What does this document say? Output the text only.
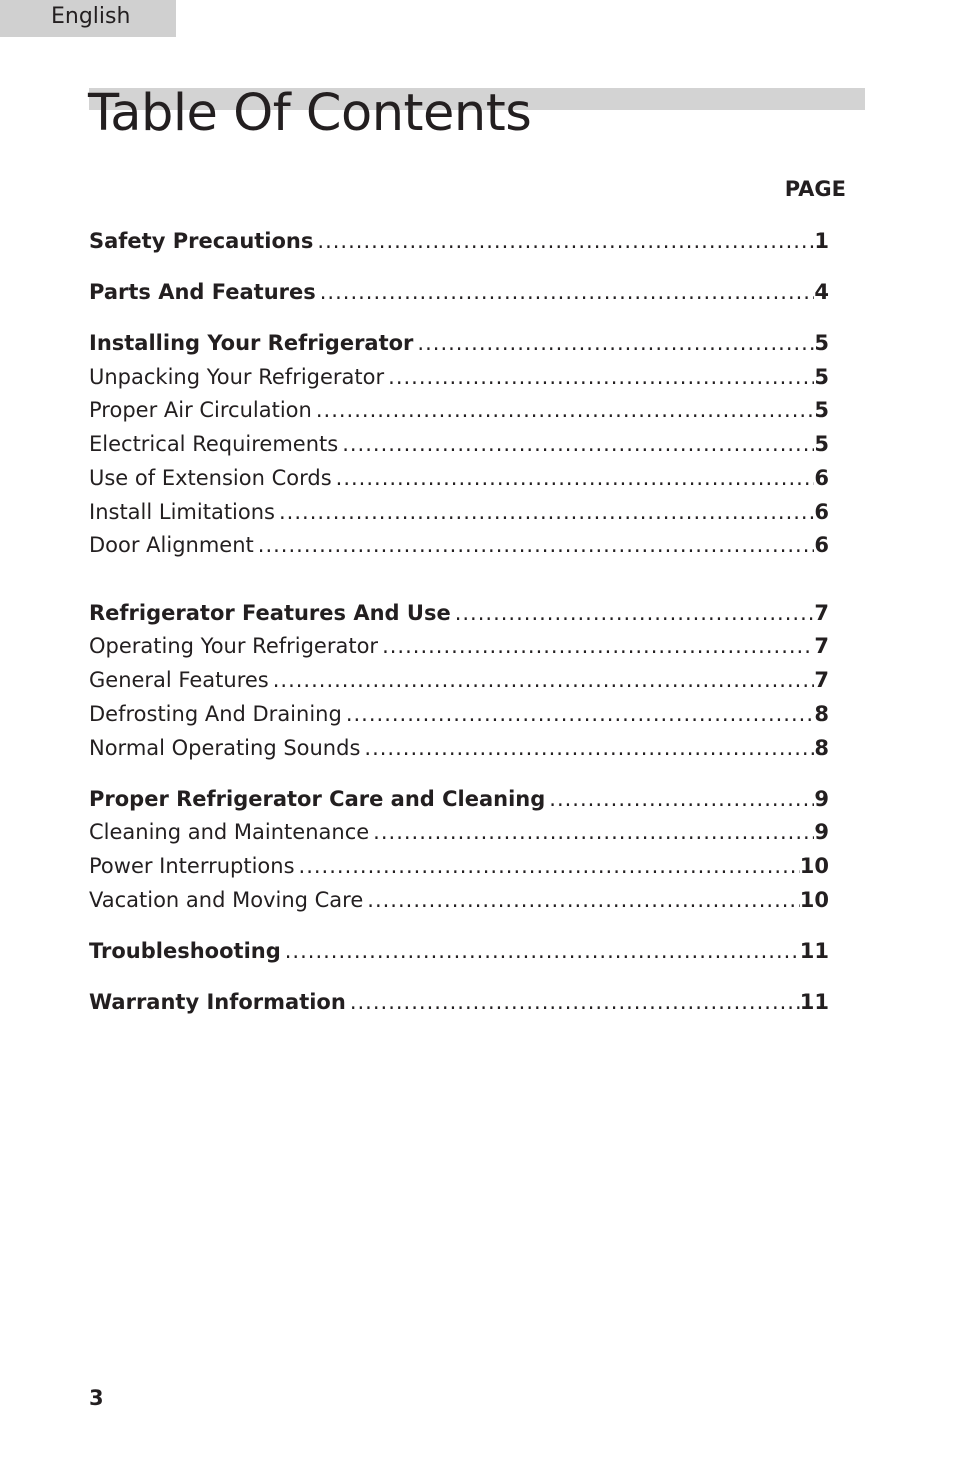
English
Table Of Contents
PAGE
Safety Precautions .....	1
Parts And Features .....	4
Installing Your Refrigerator .....	5
Unpacking Your Refrigerator .....	5
Proper Air Circulation .....	5
Electrical Requirements .....	5
Use of Extension Cords .....	6
Install Limitations .....	6
Door Alignment .....	6
Refrigerator Features And Use .....	7
Operating Your Refrigerator .....	7
General Features .....	7
Defrosting And Draining .....	8
Normal Operating Sounds .....	8
Proper Refrigerator Care and Cleaning .....	9
Cleaning and Maintenance .....	9
Power Interruptions .....	10
Vacation and Moving Care .....	10
Troubleshooting .....	11
Warranty Information .....	11
3
